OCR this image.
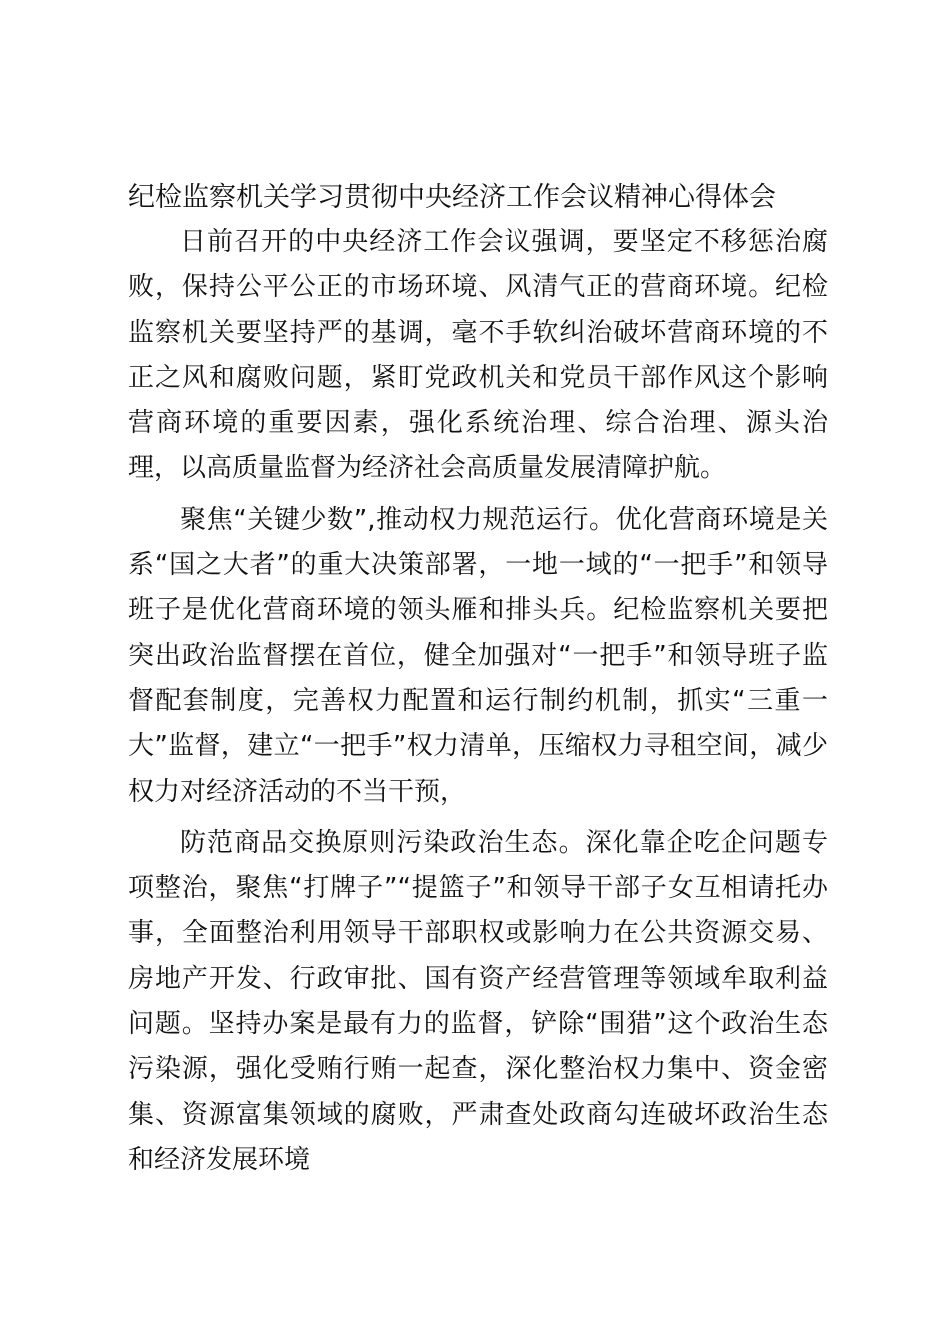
纪检监察机关学习贯彻中央经济工作会议精神心得体会

日前召开的中央经济工作会议强调，要坚定不移惩治腐败，保持公平公正的市场环境、风清气正的营商环境。纪检监察机关要坚持严的基调，毫不手软纠治破坏营商环境的不正之风和腐败问题，紧盯党政机关和党员干部作风这个影响营商环境的重要因素，强化系统治理、综合治理、源头治理，以高质量监督为经济社会高质量发展清障护航。

聚焦“关键少数”,推动权力规范运行。优化营商环境是关系“国之大者”的重大决策部署，一地一域的“一把手”和领导班子是优化营商环境的领头雁和排头兵。纪检监察机关要把突出政治监督摆在首位，健全加强对“一把手”和领导班子监督配套制度，完善权力配置和运行制约机制，抓实“三重一大”监督，建立“一把手”权力清单，压缩权力寻租空间，减少权力对经济活动的不当干预，

防范商品交换原则污染政治生态。深化靠企吃企问题专项整治，聚焦“打牌子”“提篮子”和领导干部子女互相请托办事，全面整治利用领导干部职权或影响力在公共资源交易、房地产开发、行政审批、国有资产经营管理等领域牟取利益问题。坚持办案是最有力的监督，铲除“围猎”这个政治生态污染源，强化受贿行贿一起查，深化整治权力集中、资金密集、资源富集领域的腐败，严肃查处政商勾连破坏政治生态和经济发展环境
